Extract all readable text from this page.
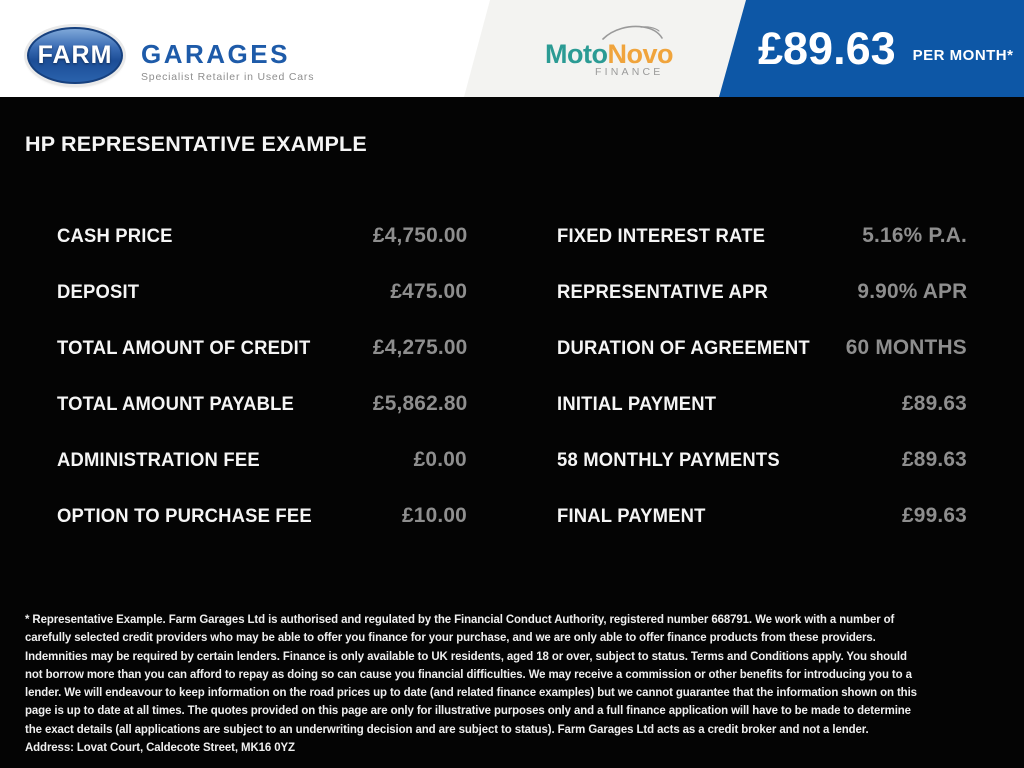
FARM GARAGES
Specialist Retailer in Used Cars
MotoNovo
FINANCE £89.63 PER MONTH*
HP REPRESENTATIVE EXAMPLE
CASH PRICE	£4,750.00
DEPOSIT	£475.00
TOTAL AMOUNT OF CREDIT	£4,275.00
TOTAL AMOUNT PAYABLE	£5,862.80
ADMINISTRATION FEE	£0.00
OPTION TO PURCHASE FEE	£10.00
FIXED INTEREST RATE	5.16% P.A.
REPRESENTATIVE APR	9.90% APR
DURATION OF AGREEMENT 60 MONTHS
INITIAL PAYMENT	£89.63
58 MONTHLY PAYMENTS	£89.63
FINAL PAYMENT	£99.63
* Representative Example. Farm Garages Ltd is authorised and regulated by the Financial Conduct Authority, registered number 668791. We work with a number of carefully selected credit providers who may be able to offer you finance for your purchase, and we are only able to offer finance products from these providers. Indemnities may be required by certain lenders. Finance is only available to UK residents, aged 18 or over, subject to status. Terms and Conditions apply. You should not borrow more than you can afford to repay as doing so can cause you financial difficulties. We may receive a commission or other benefits for introducing you to a lender. We will endeavour to keep information on the road prices up to date (and related finance examples) but we cannot guarantee that the information shown on this page is up to date at all times. The quotes provided on this page are only for illustrative purposes only and a full finance application will have to be made to determine the exact details (all applications are subject to an underwriting decision and are subject to status). Farm Garages Ltd acts as a credit broker and not a lender. Address: Lovat Court, Caldecote Street, MK16 0YZ
